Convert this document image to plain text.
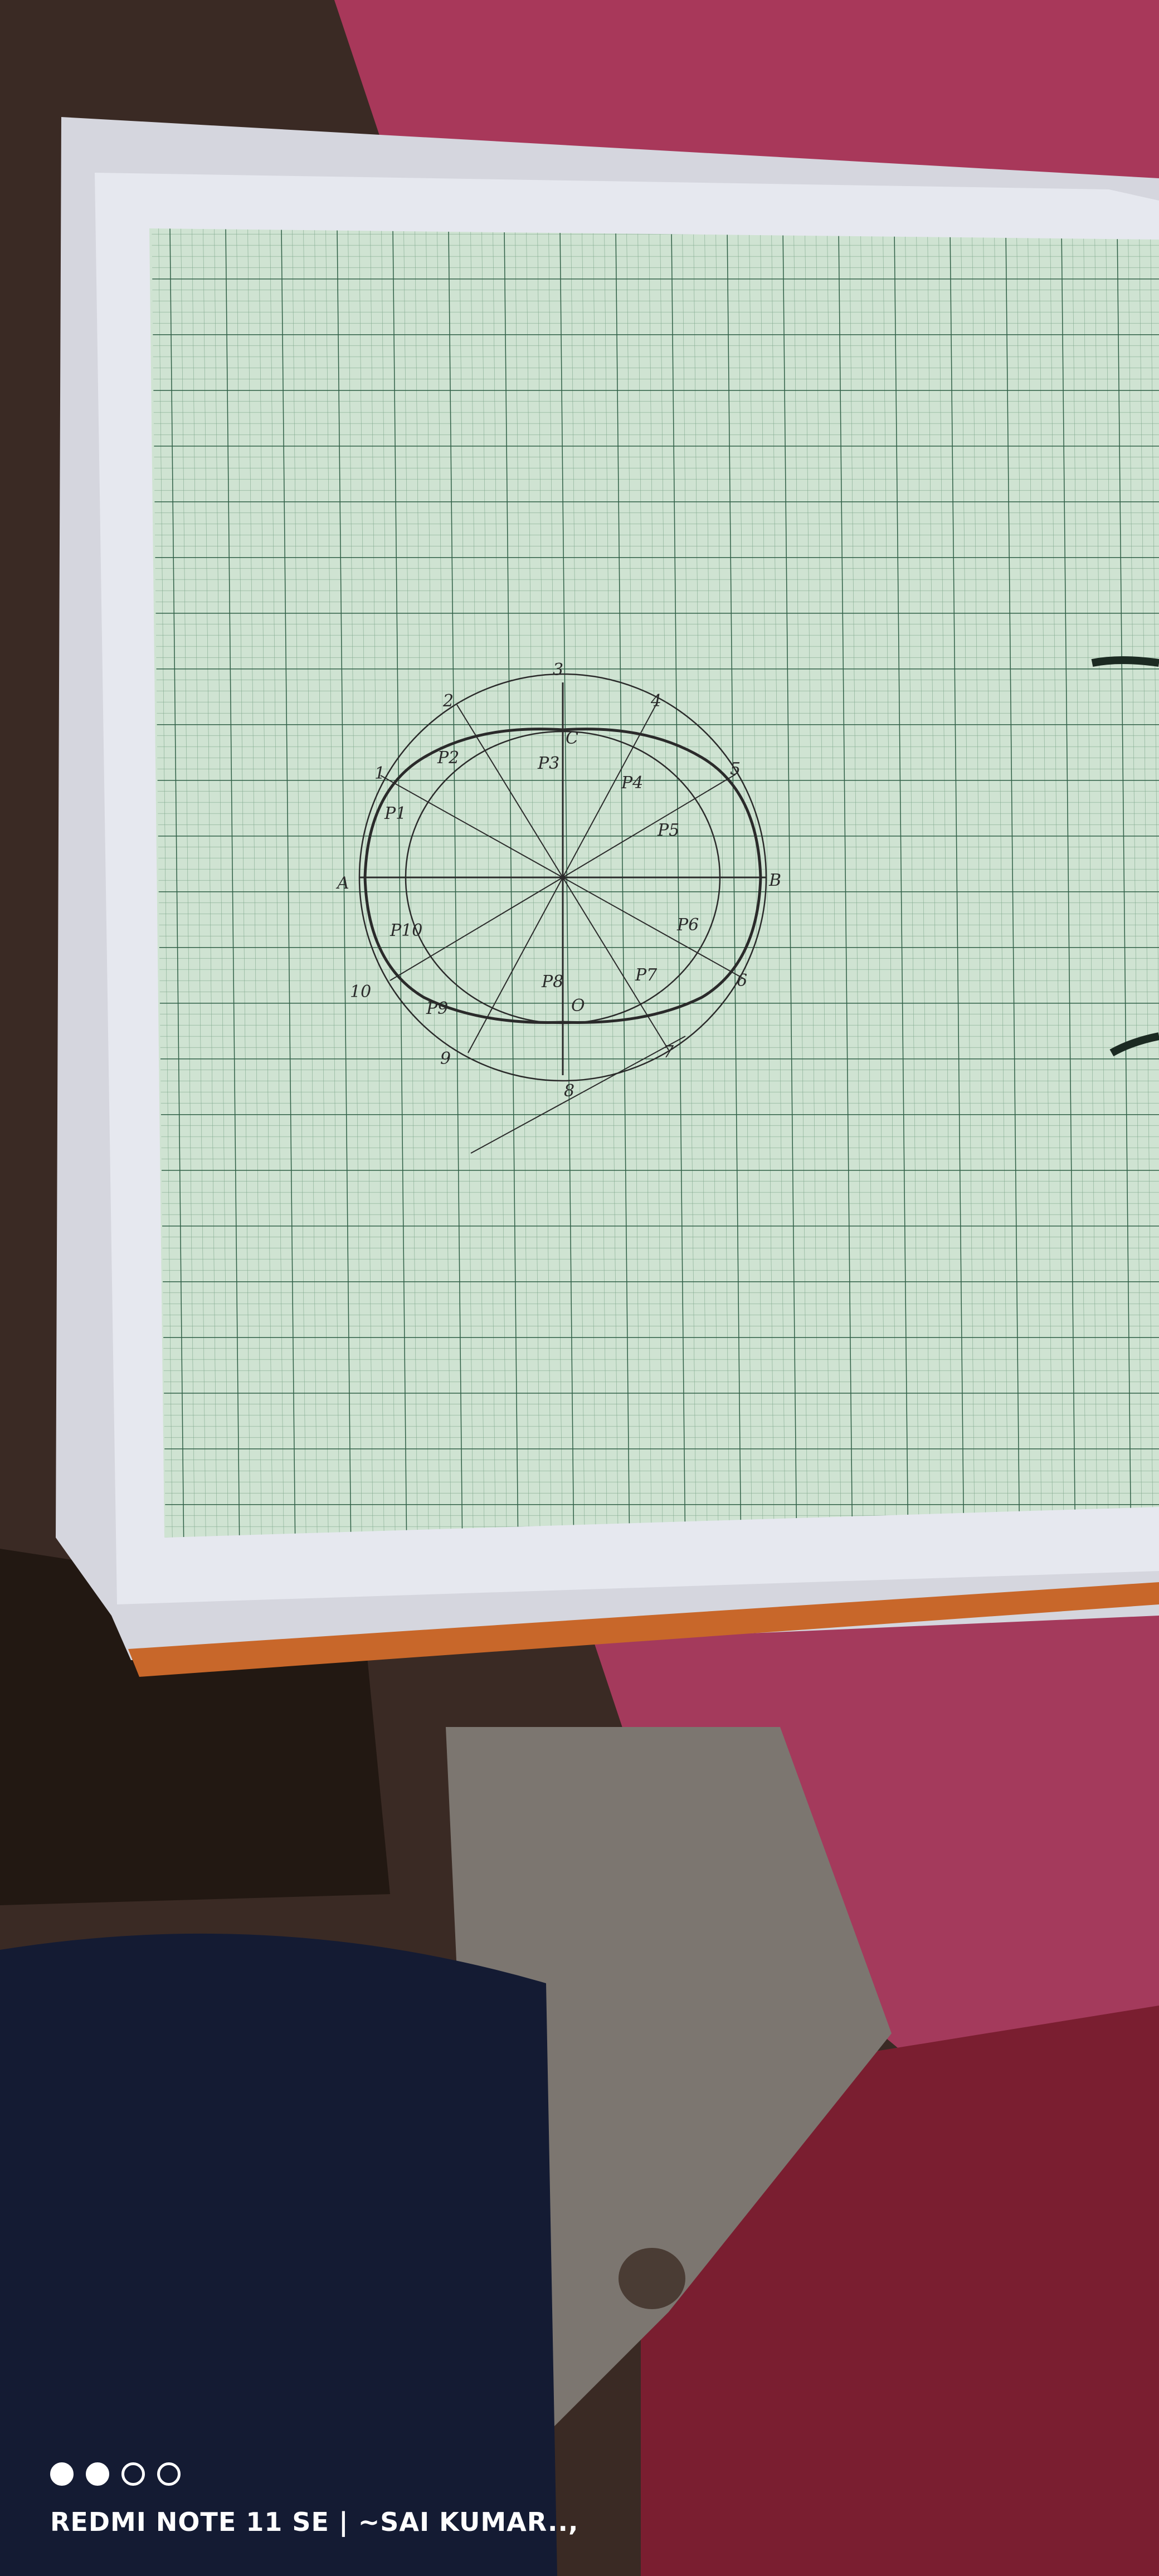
1
2
3
4
5
6
7
8
9
10
A	B
C
O
P1
P2	P3
P4
P5
P6
P7
P8
P9
P10
REDMI NOTE 11 SE | ~SAI KUMAR..,
